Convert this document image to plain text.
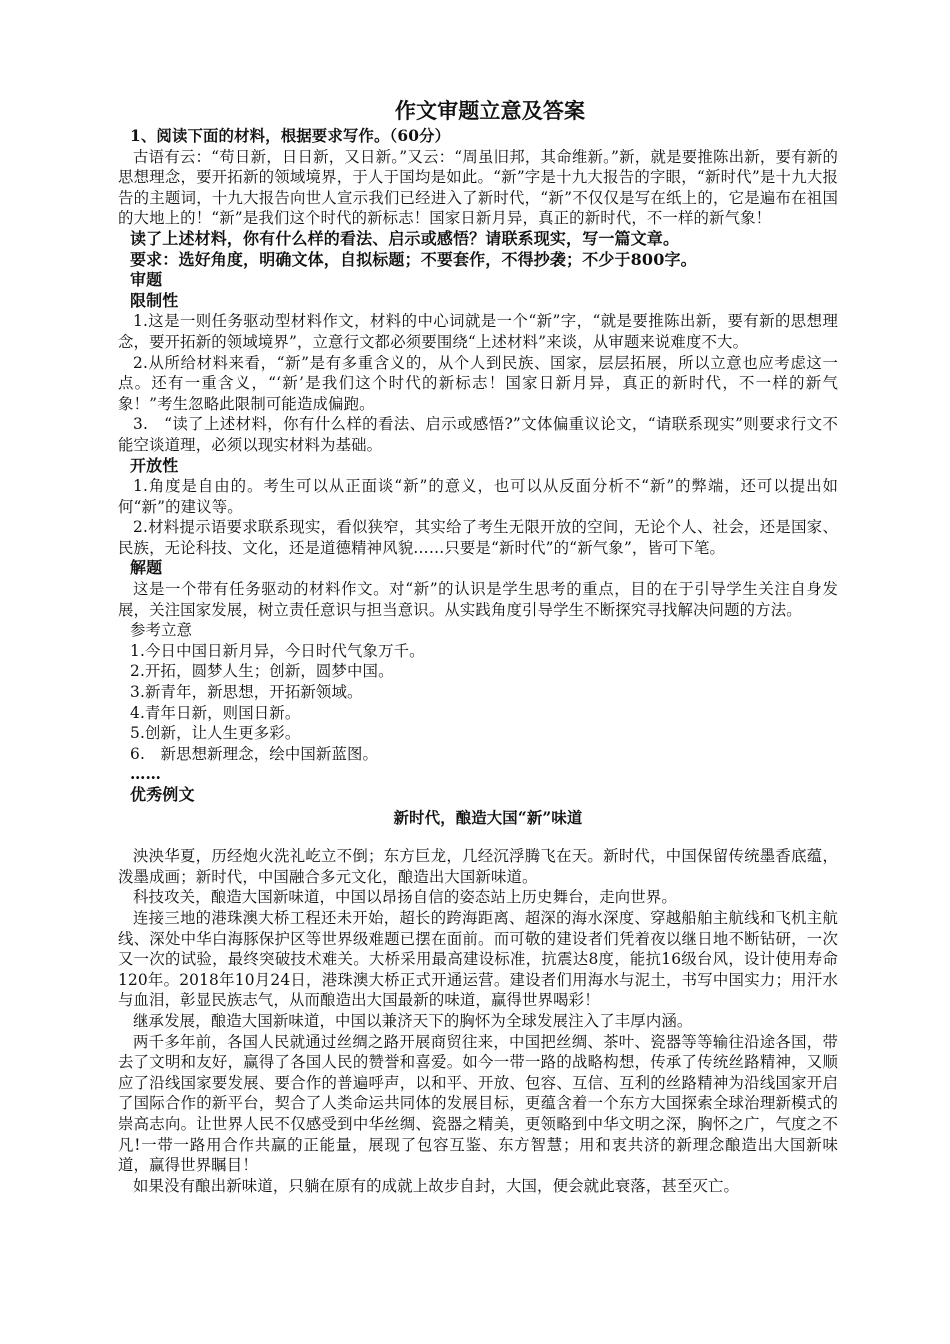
作文审题立意及答案

1、阅读下面的材料，根据要求写作。（60分）

古语有云：“苟日新，日日新，又日新。”又云：“周虽旧邦，其命维新。”新，就是要推陈出新，要有新的思想理念，要开拓新的领域境界，于人于国均是如此。“新”字是十九大报告的字眼，“新时代”是十九大报告的主题词，十九大报告向世人宣示我们已经进入了新时代，“新”不仅仅是写在纸上的，它是遍布在祖国的大地上的！“新”是我们这个时代的新标志！国家日新月异，真正的新时代，不一样的新气象！

读了上述材料，你有什么样的看法、启示或感悟？请联系现实，写一篇文章。

要求：选好角度，明确文体，自拟标题；不要套作，不得抄袭；不少于800字。

审题

限制性

1.这是一则任务驱动型材料作文，材料的中心词就是一个“新”字，“就是要推陈出新，要有新的思想理念，要开拓新的领域境界”，立意行文都必须要围绕“上述材料”来谈，从审题来说难度不大。

2.从所给材料来看，“新”是有多重含义的，从个人到民族、国家，层层拓展，所以立意也应考虑这一点。还有一重含义，“‘新’是我们这个时代的新标志！国家日新月异，真正的新时代，不一样的新气象！”考生忽略此限制可能造成偏跑。

3.　“读了上述材料，你有什么样的看法、启示或感悟?”文体偏重议论文，“请联系现实”则要求行文不能空谈道理，必须以现实材料为基础。

开放性

1.角度是自由的。考生可以从正面谈“新”的意义，也可以从反面分析不“新”的弊端，还可以提出如何“新”的建议等。

2.材料提示语要求联系现实，看似狭窄，其实给了考生无限开放的空间，无论个人、社会，还是国家、民族，无论科技、文化，还是道德精神风貌……只要是“新时代”的“新气象”，皆可下笔。

解题

这是一个带有任务驱动的材料作文。对“新”的认识是学生思考的重点，目的在于引导学生关注自身发展，关注国家发展，树立责任意识与担当意识。从实践角度引导学生不断探究寻找解决问题的方法。

参考立意

1.今日中国日新月异，今日时代气象万千。

2.开拓，圆梦人生；创新，圆梦中国。

3.新青年，新思想，开拓新领域。

4.青年日新，则国日新。

5.创新，让人生更多彩。

6.　新思想新理念，绘中国新蓝图。

……

优秀例文

新时代，酿造大国“新”味道

泱泱华夏，历经炮火洗礼屹立不倒；东方巨龙，几经沉浮腾飞在天。新时代，中国保留传统墨香底蕴，泼墨成画；新时代，中国融合多元文化，酿造出大国新味道。

科技攻关，酿造大国新味道，中国以昂扬自信的姿态站上历史舞台，走向世界。

连接三地的港珠澳大桥工程还未开始，超长的跨海距离、超深的海水深度、穿越船舶主航线和飞机主航线、深处中华白海豚保护区等世界级难题已摆在面前。而可敬的建设者们凭着夜以继日地不断钻研，一次又一次的试验，最终突破技术难关。大桥采用最高建设标准，抗震达8度，能抗16级台风，设计使用寿命120年。2018年10月24日，港珠澳大桥正式开通运营。建设者们用海水与泥土，书写中国实力；用汗水与血泪，彰显民族志气，从而酿造出大国最新的味道，赢得世界喝彩！

继承发展，酿造大国新味道，中国以兼济天下的胸怀为全球发展注入了丰厚内涵。

两千多年前，各国人民就通过丝绸之路开展商贸往来，中国把丝绸、茶叶、瓷器等等输往沿途各国，带去了文明和友好，赢得了各国人民的赞誉和喜爱。如今一带一路的战略构想，传承了传统丝路精神，又顺应了沿线国家要发展、要合作的普遍呼声，以和平、开放、包容、互信、互利的丝路精神为沿线国家开启了国际合作的新平台，契合了人类命运共同体的发展目标，更蕴含着一个东方大国探索全球治理新模式的崇高志向。让世界人民不仅感受到中华丝绸、瓷器之精美，更领略到中华文明之深，胸怀之广，气度之不凡!一带一路用合作共赢的正能量，展现了包容互鉴、东方智慧；用和衷共济的新理念酿造出大国新味道，赢得世界瞩目！

如果没有酿出新味道，只躺在原有的成就上故步自封，大国，便会就此衰落，甚至灭亡。
